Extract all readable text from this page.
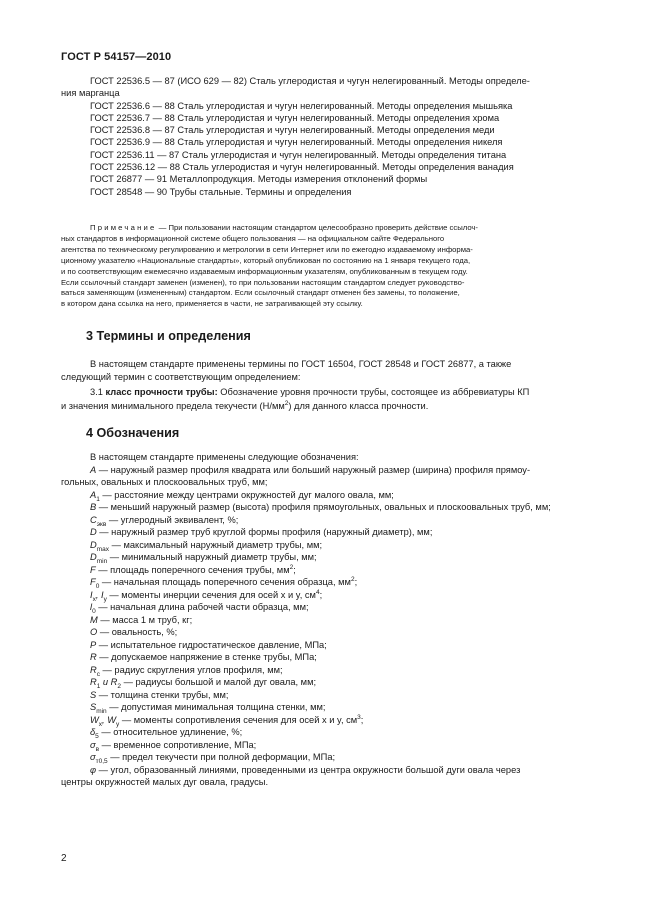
ГОСТ Р 54157—2010
ГОСТ 22536.5 — 87 (ИСО 629 — 82) Сталь углеродистая и чугун нелегированный. Методы определе-
ния марганца
ГОСТ 22536.6 — 88 Сталь углеродистая и чугун нелегированный. Методы определения мышьяка
ГОСТ 22536.7 — 88 Сталь углеродистая и чугун нелегированный. Методы определения хрома
ГОСТ 22536.8 — 87 Сталь углеродистая и чугун нелегированный. Методы определения меди
ГОСТ 22536.9 — 88 Сталь углеродистая и чугун нелегированный. Методы определения никеля
ГОСТ 22536.11 — 87 Сталь углеродистая и чугун нелегированный. Методы определения титана
ГОСТ 22536.12 — 88 Сталь углеродистая и чугун нелегированный. Методы определения ванадия
ГОСТ 26877 — 91 Металлопродукция. Методы измерения отклонений формы
ГОСТ 28548 — 90 Трубы стальные. Термины и определения
Примечание — При пользовании настоящим стандартом целесообразно проверить действие ссылоч-
ных стандартов в информационной системе общего пользования — на официальном сайте Федерального
агентства по техническому регулированию и метрологии в сети Интернет или по ежегодно издаваемому информа-
ционному указателю «Национальные стандарты», который опубликован по состоянию на 1 января текущего года,
и по соответствующим ежемесячно издаваемым информационным указателям, опубликованным в текущем году.
Если ссылочный стандарт заменен (изменен), то при пользовании настоящим стандартом следует руководство-
ваться заменяющим (измененным) стандартом. Если ссылочный стандарт отменен без замены, то положение,
в котором дана ссылка на него, применяется в части, не затрагивающей эту ссылку.
3 Термины и определения
В настоящем стандарте применены термины по ГОСТ 16504, ГОСТ 28548 и ГОСТ 26877, а также
следующий термин с соответствующим определением:
3.1 класс прочности трубы: Обозначение уровня прочности трубы, состоящее из аббревиатуры КП
и значения минимального предела текучести $(Н/мм^2)$ для данного класса прочности.
4 Обозначения
В настоящем стандарте применены следующие обозначения:
A — наружный размер профиля квадрата или больший наружный размер (ширина) профиля прямоу-
гольных, овальных и плоскоовальных труб, мм;
$A_1$ — расстояние между центрами окружностей дуг малого овала, мм;
B — меньший наружный размер (высота) профиля прямоугольных, овальных и плоскоовальных труб, мм;
$C_{экв}$ — углеродный эквивалент, %;
D — наружный размер труб круглой формы профиля (наружный диаметр), мм;
$D_{max}$ — максимальный наружный диаметр трубы, мм;
$D_{min}$ — минимальный наружный диаметр трубы, мм;
F — площадь поперечного сечения трубы, $мм^2$;
$F_0$ — начальная площадь поперечного сечения образца, $мм^2$;
$I_x$, $I_y$ — моменты инерции сечения для осей x и y, $см^4$;
$l_0$ — начальная длина рабочей части образца, мм;
M — масса 1 м труб, кг;
O — овальность, %;
P — испытательное гидростатическое давление, МПа;
R — допускаемое напряжение в стенке трубы, МПа;
$R_c$ — радиус скругления углов профиля, мм;
$R_1$ и $R_2$ — радиусы большой и малой дуг овала, мм;
S — толщина стенки трубы, мм;
$S_{min}$ — допустимая минимальная толщина стенки, мм;
$W_x$, $W_y$ — моменты сопротивления сечения для осей x и y, $см^3$;
$\delta_5$ — относительное удлинение, %;
$\sigma_в$ — временное сопротивление, МПа;
$\sigma_{т0,5}$ — предел текучести при полной деформации, МПа;
φ — угол, образованный линиями, проведенными из центра окружности большой дуги овала через
центры окружностей малых дуг овала, градусы.
2
